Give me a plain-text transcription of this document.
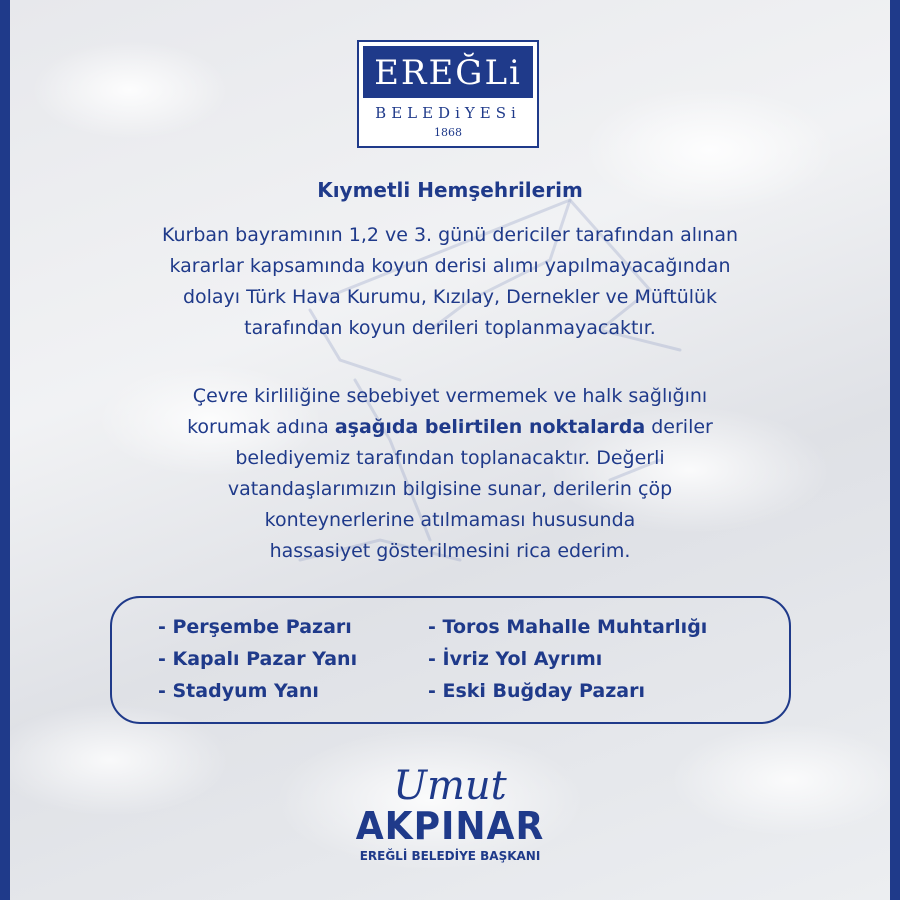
EREĞLi
BELEDiYESi
1868
Kıymetli Hemşehrilerim
Kurban bayramının 1,2 ve 3. günü dericiler tarafından alınan
kararlar kapsamında koyun derisi alımı yapılmayacağından
dolayı Türk Hava Kurumu, Kızılay, Dernekler ve Müftülük
tarafından koyun derileri toplanmayacaktır.
Çevre kirliliğine sebebiyet vermemek ve halk sağlığını
korumak adına aşağıda belirtilen noktalarda deriler
belediyemiz tarafından toplanacaktır. Değerli
vatandaşlarımızın bilgisine sunar, derilerin çöp
konteynerlerine atılmaması hususunda
hassasiyet gösterilmesini rica ederim.
- Perşembe Pazarı
- Kapalı Pazar Yanı
- Stadyum Yanı
- Toros Mahalle Muhtarlığı
- İvriz Yol Ayrımı
- Eski Buğday Pazarı
Umut
AKPINAR
EREĞLİ BELEDİYE BAŞKANI
